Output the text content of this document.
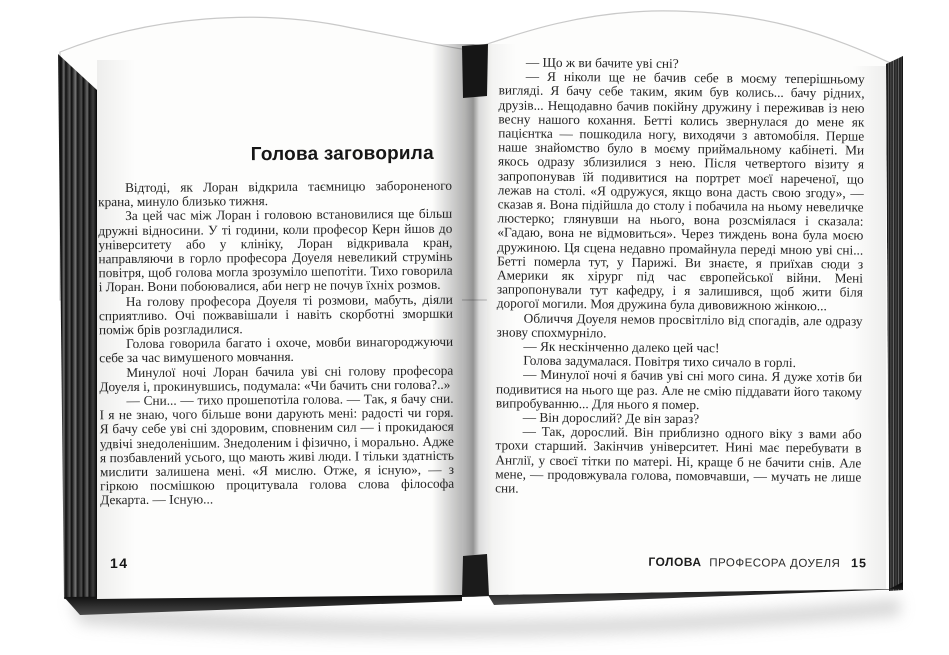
Голова заговорила

Відтоді, як Лоран відкрила таємницю забороненого крана, минуло близько тижня.

За цей час між Лоран і головою встановилися ще більш дружні відносини. У ті години, коли професор Керн йшов до університету або у клініку, Лоран відкривала кран, направляючи в горло професора Доуеля невеликий струмінь повітря, щоб голова могла зрозуміло шепотіти. Тихо говорила і Лоран. Вони побоювалися, аби негр не почув їхніх розмов.

На голову професора Доуеля ті розмови, мабуть, діяли сприятливо. Очі пожвавішали і навіть скорботні зморшки поміж брів розгладилися.

Голова говорила багато і охоче, мовби винагороджуючи себе за час вимушеного мовчання.

Минулої ночі Лоран бачила уві сні голову професора Доуеля і, прокинувшись, подумала: «Чи бачить сни голова?..»

— Сни... — тихо прошепотіла голова. — Так, я бачу сни. І я не знаю, чого більше вони дарують мені: радості чи горя. Я бачу себе уві сні здоровим, сповненим сил — і прокидаюся удвічі знедоленішим. Знедоленим і фізично, і морально. Адже я позбавлений усього, що мають живі люди. І тільки здатність мислити залишена мені. «Я мислю. Отже, я існую», — з гіркою посмішкою процитувала голова слова філософа Декарта. — Існую...

— Що ж ви бачите уві сні?

— Я ніколи ще не бачив себе в моєму теперішньому вигляді. Я бачу себе таким, яким був колись... бачу рідних, друзів... Нещодавно бачив покійну дружину і переживав із нею весну нашого кохання. Бетті колись звернулася до мене як пацієнтка — пошкодила ногу, виходячи з автомобіля. Перше наше знайомство було в моєму приймальному кабінеті. Ми якось одразу зблизилися з нею. Після четвертого візиту я запропонував їй подивитися на портрет моєї нареченої, що лежав на столі. «Я одружуся, якщо вона дасть свою згоду», — сказав я. Вона підійшла до столу і побачила на ньому невеличке люстерко; глянувши на нього, вона розсміялася і сказала: «Гадаю, вона не відмовиться». Через тиждень вона була моєю дружиною. Ця сцена недавно промайнула переді мною уві сні... Бетті померла тут, у Парижі. Ви знаєте, я приїхав сюди з Америки як хірург під час європейської війни. Мені запропонували тут кафедру, і я залишився, щоб жити біля дорогої могили. Моя дружина була дивовижною жінкою...

Обличчя Доуеля немов просвітліло від спогадів, але одразу знову спохмурніло.

— Як нескінченно далеко цей час!

Голова задумалася. Повітря тихо сичало в горлі.

— Минулої ночі я бачив уві сні мого сина. Я дуже хотів би подивитися на нього ще раз. Але не смію піддавати його такому випробуванню... Для нього я помер.

— Він дорослий? Де він зараз?

— Так, дорослий. Він приблизно одного віку з вами або трохи старший. Закінчив університет. Нині має перебувати в Англії, у своєї тітки по матері. Ні, краще б не бачити снів. Але мене, — продовжувала голова, помовчавши, — мучать не лише сни.

14	ГОЛОВА ПРОФЕСОРА ДОУЕЛЯ 15
